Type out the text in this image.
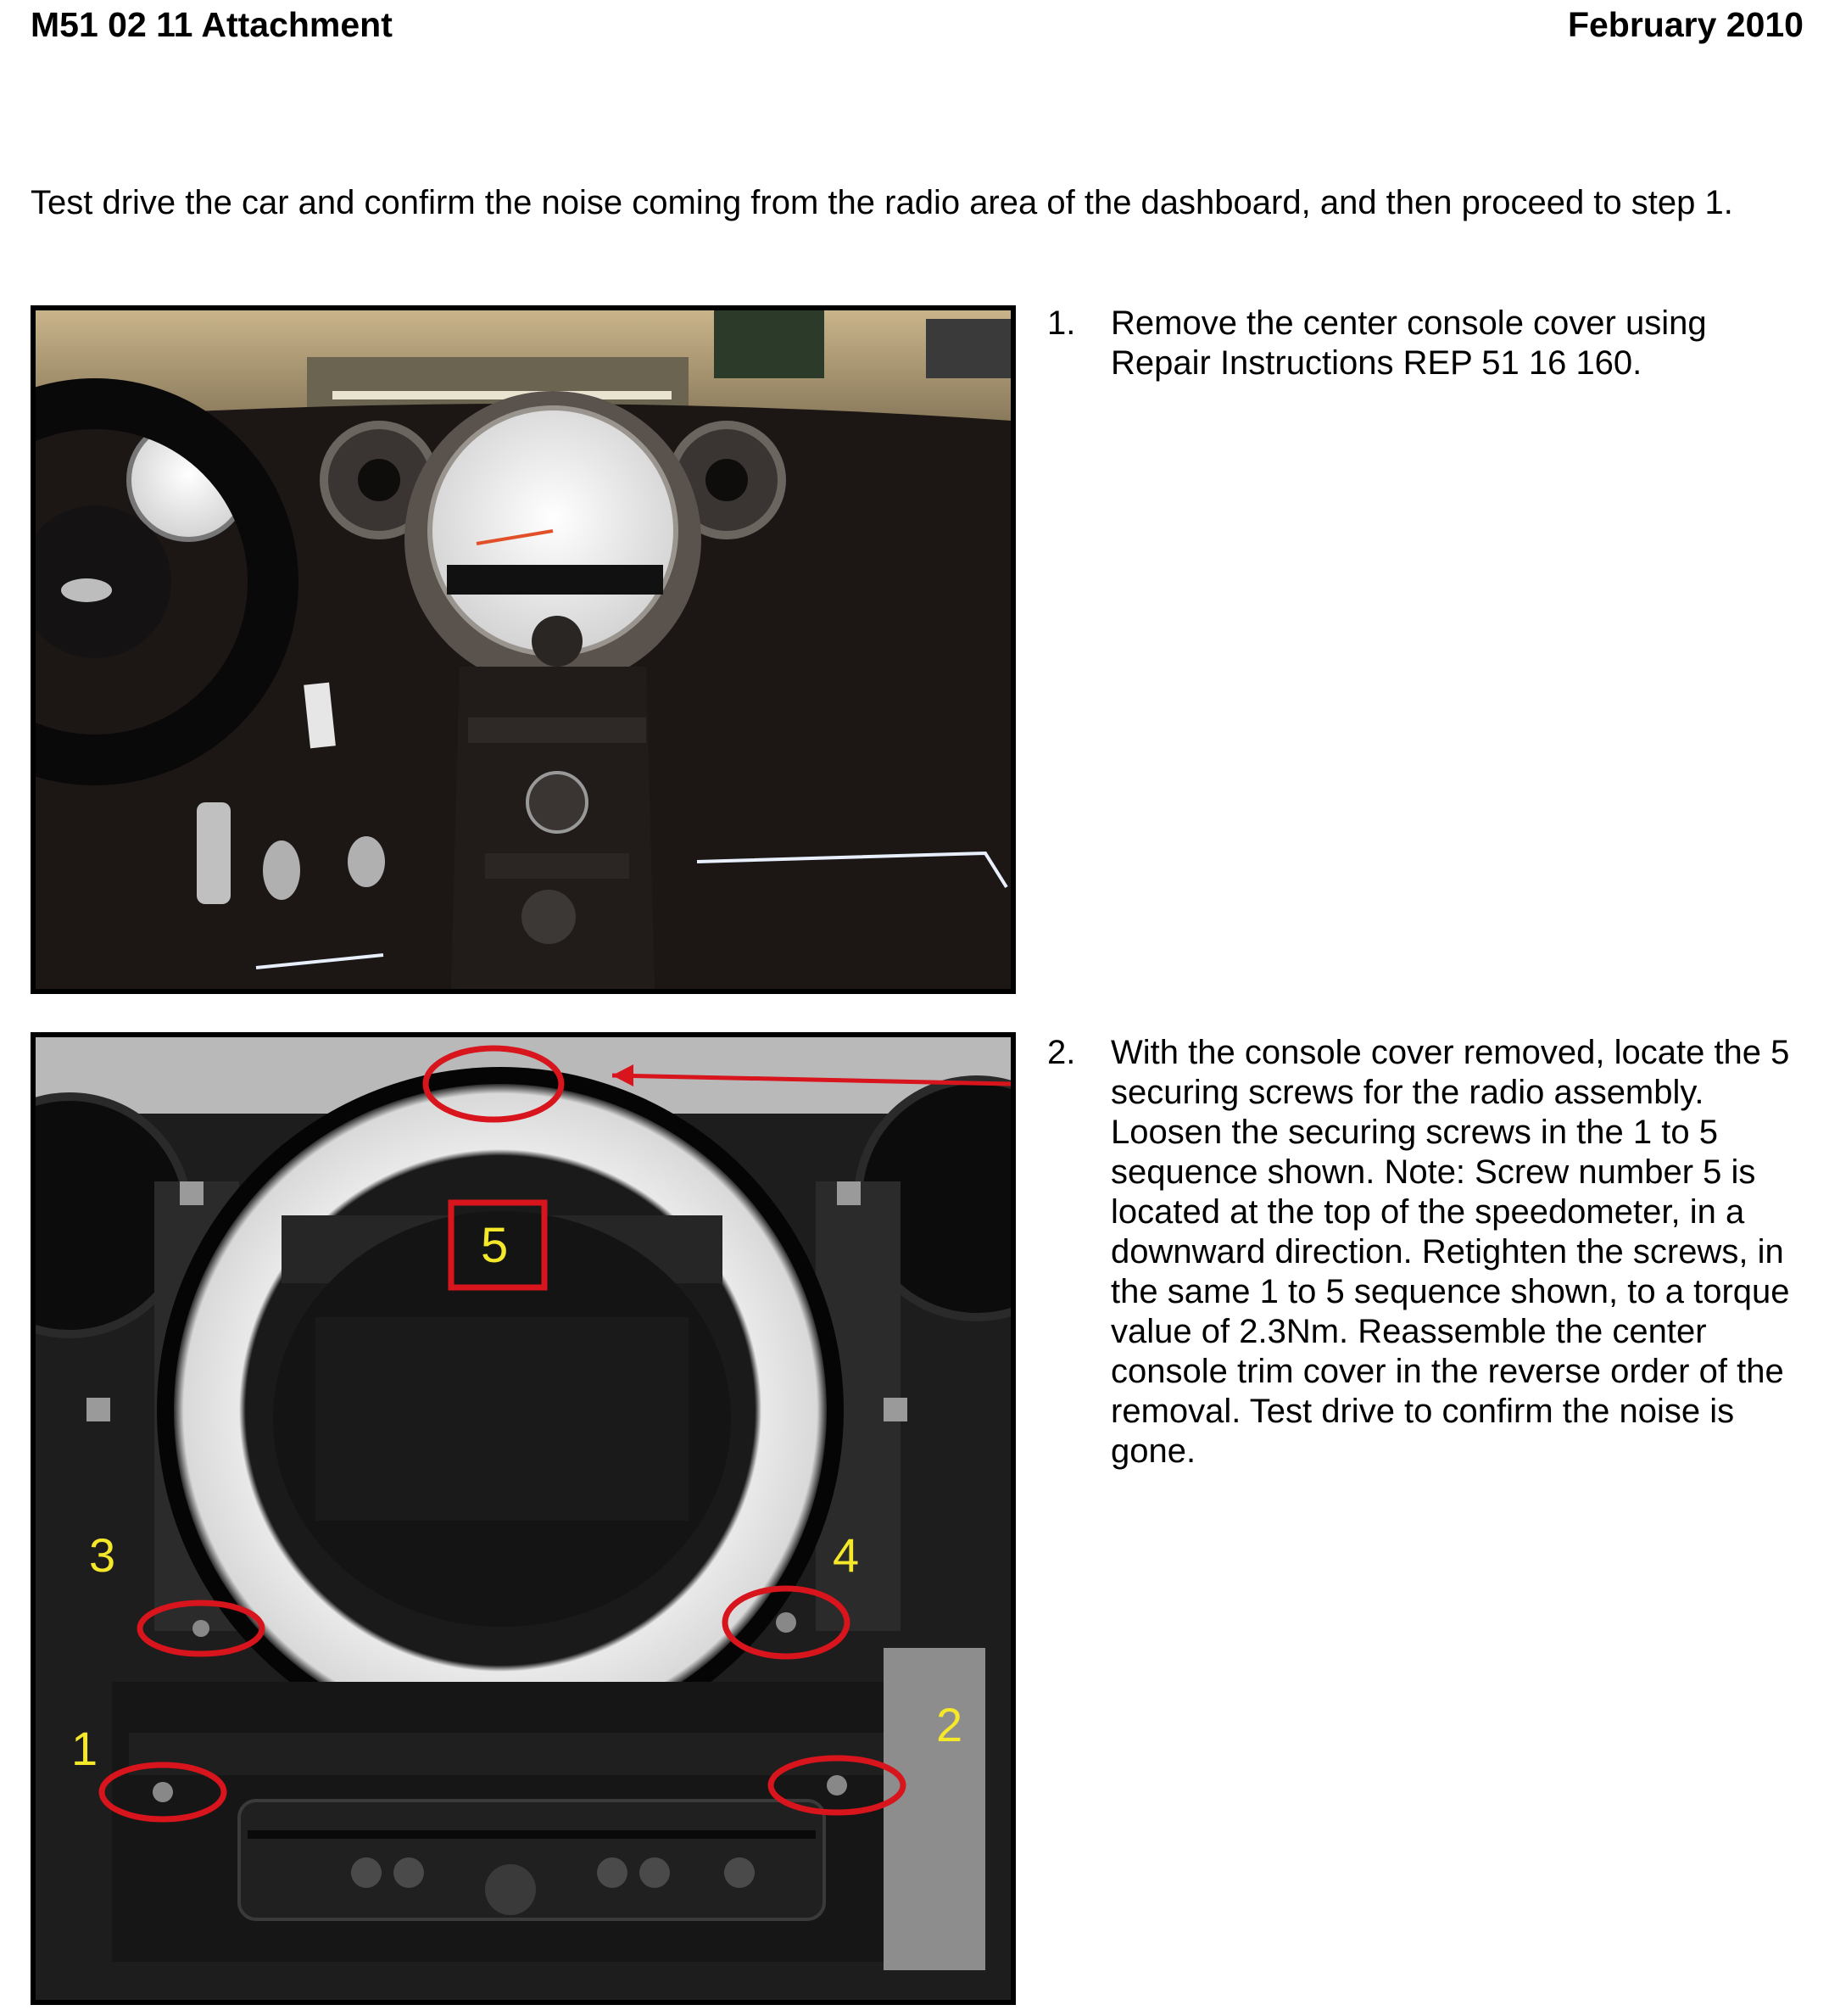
M51 02 11 Attachment	February 2010
Test drive the car and confirm the noise coming from the radio area of the dashboard, and then proceed to step 1.
1.	Remove the center console cover using Repair Instructions REP 51 16 160.
3	4
1	2
5
2.	With the console cover removed, locate the 5 securing screws for the radio assembly. Loosen the securing screws in the 1 to 5 sequence shown. Note: Screw number 5 is located at the top of the speedometer, in a downward direction. Retighten the screws, in the same 1 to 5 sequence shown, to a torque value of 2.3Nm. Reassemble the center console trim cover in the reverse order of the removal. Test drive to confirm the noise is gone.
